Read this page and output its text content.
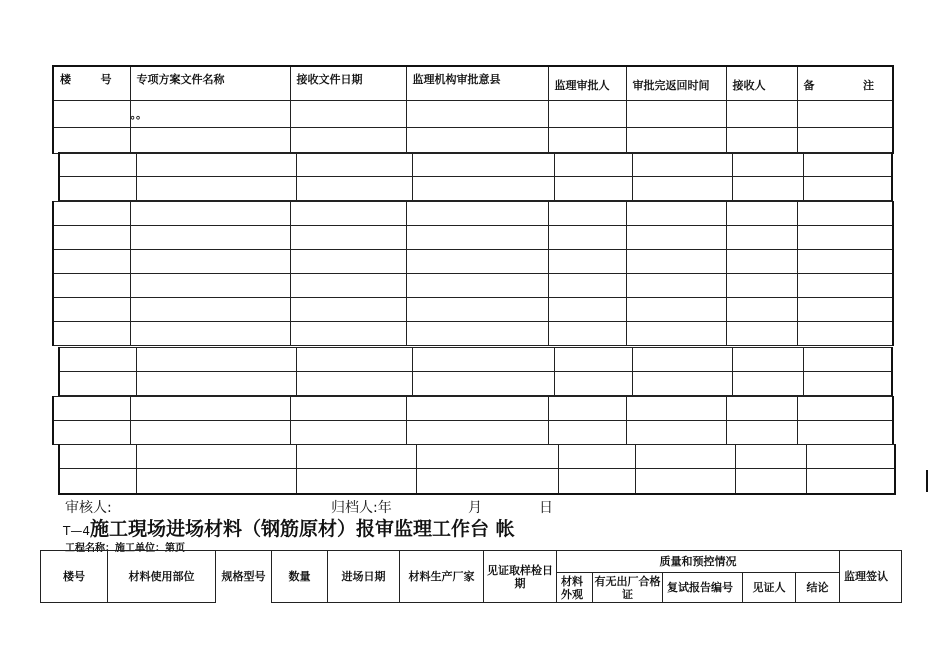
楼 号	专项方案文件名称	接收文件日期	监理机构审批意县	监理审批人	审批完返回时间	接收人	备 注

	。。						

审核人:	归档人:年	月	日
T—4施工現场进场材料（钢筋原材）报审监理工作台 帐
工程名称：施工单位：第页
楼号	材料使用部位	规格型号	数量	进场日期	材料生产厂家	见证取样检日期	质量和预控情况					监理签认
							材料外观	有无出厂合格证	复试报告编号	见证人	结论	
